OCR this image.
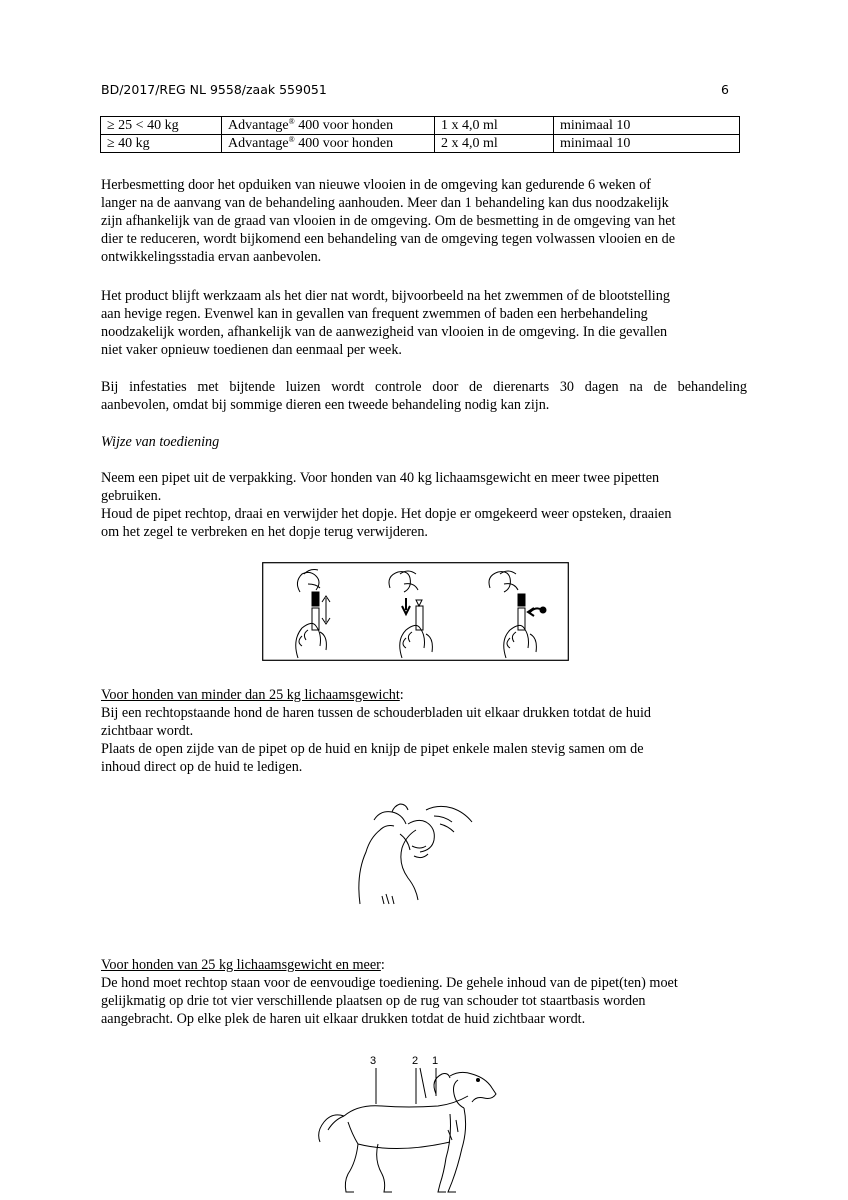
BD/2017/REG NL 9558/zaak 559051	6
≥ 25 < 40 kg	Advantage® 400 voor honden	1 x 4,0 ml	minimaal 10
≥ 40 kg	Advantage® 400 voor honden	2 x 4,0 ml	minimaal 10

Herbesmetting door het opduiken van nieuwe vlooien in de omgeving kan gedurende 6 weken of

langer na de aanvang van de behandeling aanhouden. Meer dan 1 behandeling kan dus noodzakelijk

zijn afhankelijk van de graad van vlooien in de omgeving. Om de besmetting in de omgeving van het

dier te reduceren, wordt bijkomend een behandeling van de omgeving tegen volwassen vlooien en de

ontwikkelingsstadia ervan aanbevolen.

Het product blijft werkzaam als het dier nat wordt, bijvoorbeeld na het zwemmen of de blootstelling

aan hevige regen. Evenwel kan in gevallen van frequent zwemmen of baden een herbehandeling

noodzakelijk worden, afhankelijk van de aanwezigheid van vlooien in de omgeving. In die gevallen

niet vaker opnieuw toedienen dan eenmaal per week.

Bij infestaties met bijtende luizen wordt controle door de dierenarts 30 dagen na de behandeling

aanbevolen, omdat bij sommige dieren een tweede behandeling nodig kan zijn.

Wijze van toediening

Neem een pipet uit de verpakking. Voor honden van 40 kg lichaamsgewicht en meer twee pipetten

gebruiken.

Houd de pipet rechtop, draai en verwijder het dopje. Het dopje er omgekeerd weer opsteken, draaien

om het zegel te verbreken en het dopje terug verwijderen.

Voor honden van minder dan 25 kg lichaamsgewicht:

Bij een rechtopstaande hond de haren tussen de schouderbladen uit elkaar drukken totdat de huid

zichtbaar wordt.

Plaats de open zijde van de pipet op de huid en knijp de pipet enkele malen stevig samen om de

inhoud direct op de huid te ledigen.

Voor honden van 25 kg lichaamsgewicht en meer:

De hond moet rechtop staan voor de eenvoudige toediening. De gehele inhoud van de pipet(ten) moet

gelijkmatig op drie tot vier verschillende plaatsen op de rug van schouder tot staartbasis worden

aangebracht. Op elke plek de haren uit elkaar drukken totdat de huid zichtbaar wordt.

3	2 1
